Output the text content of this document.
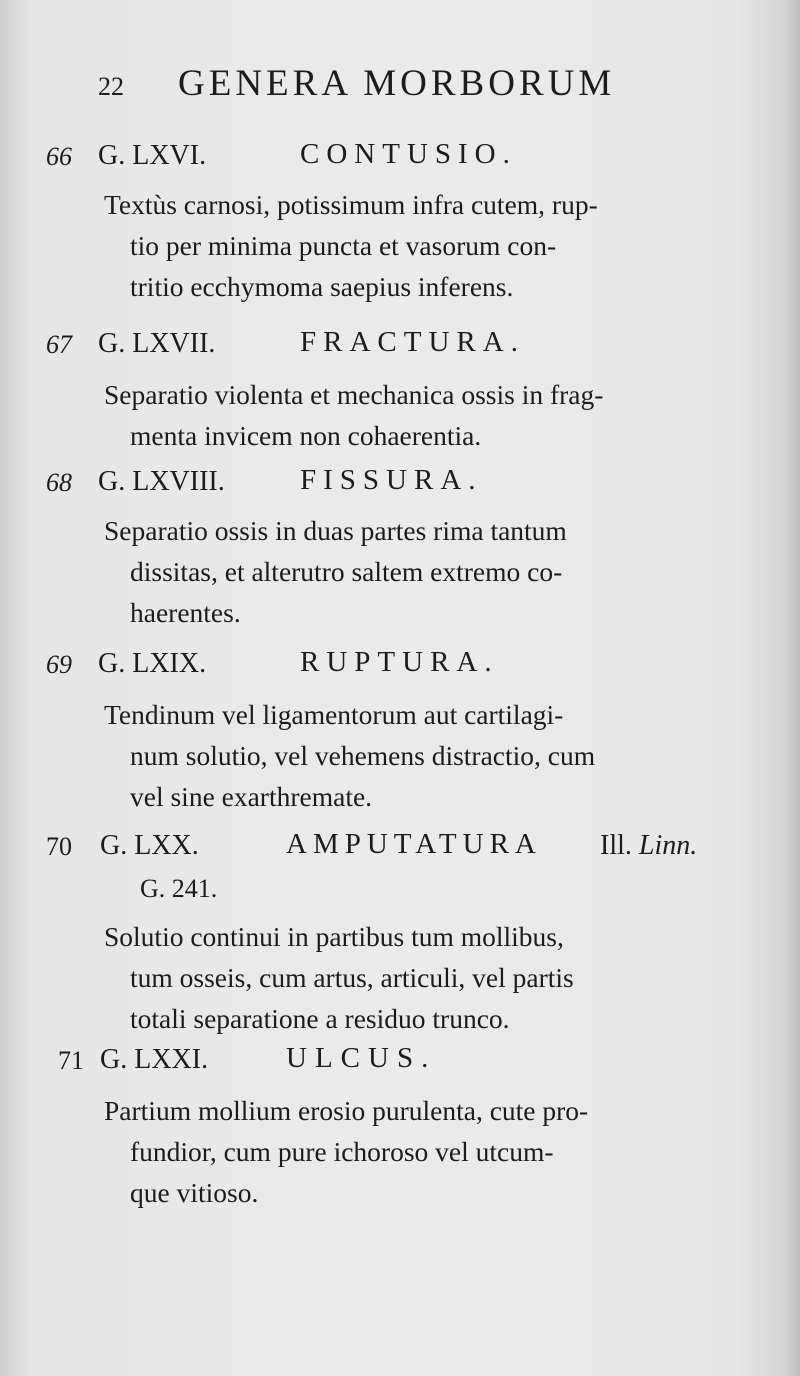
22	GENERA MORBORUM
66 G. LXVI.	CONTUSIO.
Textùs carnosi, potissimum infra cutem, rup-
tio per minima puncta et vasorum con-
tritio ecchymoma saepius inferens.
67 G. LXVII.	FRACTURA.
Separatio violenta et mechanica ossis in frag-
menta invicem non cohaerentia.
68 G. LXVIII.	FISSURA.
Separatio ossis in duas partes rima tantum
dissitas, et alterutro saltem extremo co-
haerentes.
69 G. LXIX.	RUPTURA.
Tendinum vel ligamentorum aut cartilagi-
num solutio, vel vehemens distractio, cum
vel sine exarthremate.
70 G. LXX.	AMPUTATURA Ill. Linn.
G. 241.
Solutio continui in partibus tum mollibus,
tum osseis, cum artus, articuli, vel partis
totali separatione a residuo trunco.
71 G. LXXI.	ULCUS.
Partium mollium erosio purulenta, cute pro-
fundior, cum pure ichoroso vel utcum-
que vitioso.
